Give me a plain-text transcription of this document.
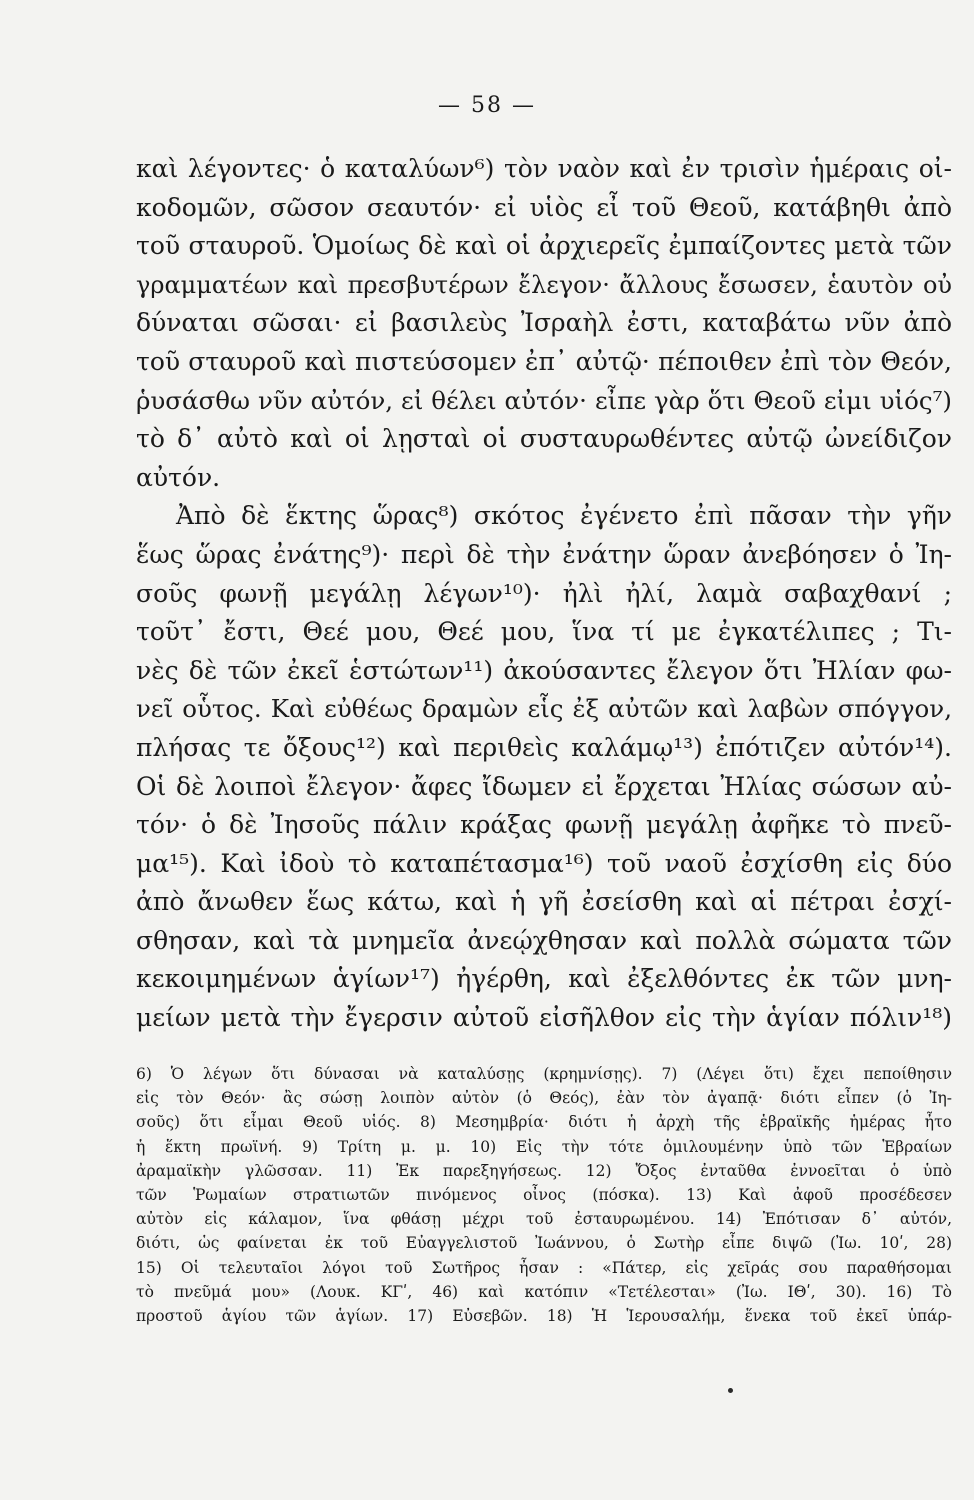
— 58 —
καὶ λέγοντες· ὁ καταλύων⁶) τὸν ναὸν καὶ ἐν τρισὶν ἡμέραις οἰ-
κοδομῶν, σῶσον σεαυτόν· εἰ υἱὸς εἶ τοῦ Θεοῦ, κατάβηθι ἀπὸ
τοῦ σταυροῦ. Ὁμοίως δὲ καὶ οἱ ἀρχιερεῖς ἐμπαίζοντες μετὰ τῶν
γραμματέων καὶ πρεσβυτέρων ἔλεγον· ἄλλους ἔσωσεν, ἑαυτὸν οὐ
δύναται σῶσαι· εἰ βασιλεὺς Ἰσραὴλ ἐστι, καταβάτω νῦν ἀπὸ
τοῦ σταυροῦ καὶ πιστεύσομεν ἐπ᾽ αὐτῷ· πέποιθεν ἐπὶ τὸν Θεόν,
ῥυσάσθω νῦν αὐτόν, εἰ θέλει αὐτόν· εἶπε γὰρ ὅτι Θεοῦ εἰμι υἱός⁷)
τὸ δ᾽ αὐτὸ καὶ οἱ λῃσταὶ οἱ συσταυρωθέντες αὐτῷ ὠνείδιζον
αὐτόν.
Ἀπὸ δὲ ἕκτης ὥρας⁸) σκότος ἐγένετο ἐπὶ πᾶσαν τὴν γῆν
ἕως ὥρας ἐνάτης⁹)· περὶ δὲ τὴν ἐνάτην ὥραν ἀνεβόησεν ὁ Ἰη-
σοῦς φωνῇ μεγάλῃ λέγων¹⁰)· ἠλὶ ἠλί, λαμὰ σαβαχθανί ;
τοῦτ᾽ ἔστι, Θεέ μου, Θεέ μου, ἵνα τί με ἐγκατέλιπες ; Τι-
νὲς δὲ τῶν ἐκεῖ ἑστώτων¹¹) ἀκούσαντες ἔλεγον ὅτι Ἠλίαν φω-
νεῖ οὗτος. Καὶ εὐθέως δραμὼν εἷς ἐξ αὐτῶν καὶ λαβὼν σπόγγον,
πλήσας τε ὄξους¹²) καὶ περιθεὶς καλάμῳ¹³) ἐπότιζεν αὐτόν¹⁴).
Οἱ δὲ λοιποὶ ἔλεγον· ἄφες ἴδωμεν εἰ ἔρχεται Ἠλίας σώσων αὐ-
τόν· ὁ δὲ Ἰησοῦς πάλιν κράξας φωνῇ μεγάλῃ ἀφῆκε τὸ πνεῦ-
μα¹⁵). Καὶ ἰδοὺ τὸ καταπέτασμα¹⁶) τοῦ ναοῦ ἐσχίσθη εἰς δύο
ἀπὸ ἄνωθεν ἕως κάτω, καὶ ἡ γῆ ἐσείσθη καὶ αἱ πέτραι ἐσχί-
σθησαν, καὶ τὰ μνημεῖα ἀνεῴχθησαν καὶ πολλὰ σώματα τῶν
κεκοιμημένων ἁγίων¹⁷) ἠγέρθη, καὶ ἐξελθόντες ἐκ τῶν μνη-
μείων μετὰ τὴν ἔγερσιν αὐτοῦ εἰσῆλθον εἰς τὴν ἁγίαν πόλιν¹⁸)
6) Ὁ λέγων ὅτι δύνασαι νὰ καταλύσῃς (κρημνίσῃς). 7) (Λέγει ὅτι) ἔχει πεποίθησιν
εἰς τὸν Θεόν· ἂς σώσῃ λοιπὸν αὐτὸν (ὁ Θεός), ἐὰν τὸν ἀγαπᾷ· διότι εἶπεν (ὁ Ἰη-
σοῦς) ὅτι εἶμαι Θεοῦ υἱός. 8) Μεσημβρία· διότι ἡ ἀρχὴ τῆς ἑβραϊκῆς ἡμέρας ἦτο
ἡ ἕκτη πρωϊνή. 9) Τρίτη μ. μ. 10) Εἰς τὴν τότε ὁμιλουμένην ὑπὸ τῶν Ἑβραίων
ἀραμαϊκὴν γλῶσσαν. 11) Ἐκ παρεξηγήσεως. 12) Ὄξος ἐνταῦθα ἐννοεῖται ὁ ὑπὸ
τῶν Ῥωμαίων στρατιωτῶν πινόμενος οἶνος (πόσκα). 13) Καὶ ἀφοῦ προσέδεσεν
αὐτὸν εἰς κάλαμον, ἵνα φθάσῃ μέχρι τοῦ ἐσταυρωμένου. 14) Ἐπότισαν δ᾽ αὐτόν,
διότι, ὡς φαίνεται ἐκ τοῦ Εὐαγγελιστοῦ Ἰωάννου, ὁ Σωτὴρ εἶπε διψῶ (Ἰω. 10ʹ, 28)
15) Οἱ τελευταῖοι λόγοι τοῦ Σωτῆρος ἦσαν : «Πάτερ, εἰς χεῖράς σου παραθήσομαι
τὸ πνεῦμά μου» (Λουκ. ΚΓʹ, 46) καὶ κατόπιν «Τετέλεσται» (Ἰω. ΙΘʹ, 30). 16) Τὸ
προστοῦ ἁγίου τῶν ἁγίων. 17) Εὐσεβῶν. 18) Ἡ Ἱερουσαλήμ, ἕνεκα τοῦ ἐκεῖ ὑπάρ-
